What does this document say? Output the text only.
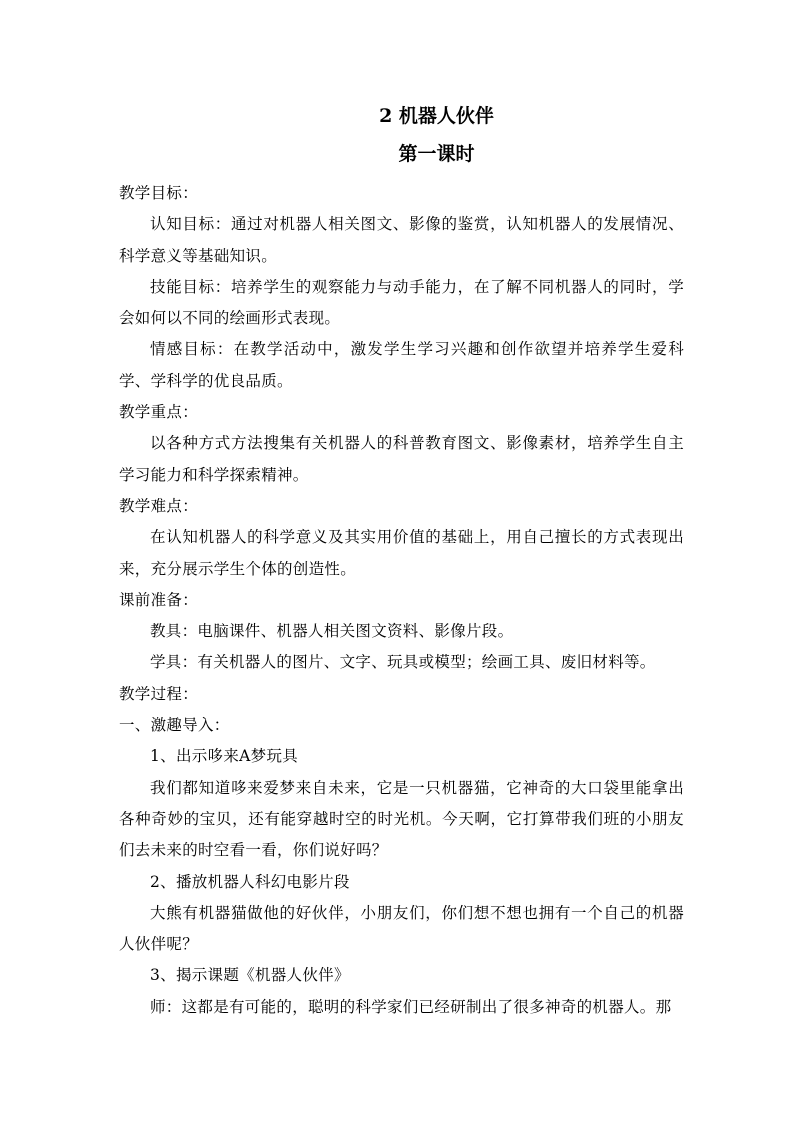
2 机器人伙伴
第一课时

教学目标：

认知目标：通过对机器人相关图文、影像的鉴赏，认知机器人的发展情况、科学意义等基础知识。

技能目标：培养学生的观察能力与动手能力，在了解不同机器人的同时，学会如何以不同的绘画形式表现。

情感目标：在教学活动中，激发学生学习兴趣和创作欲望并培养学生爱科学、学科学的优良品质。

教学重点：

以各种方式方法搜集有关机器人的科普教育图文、影像素材，培养学生自主学习能力和科学探索精神。

教学难点：

在认知机器人的科学意义及其实用价值的基础上，用自己擅长的方式表现出来，充分展示学生个体的创造性。

课前准备：

教具：电脑课件、机器人相关图文资料、影像片段。

学具：有关机器人的图片、文字、玩具或模型；绘画工具、废旧材料等。

教学过程：

一、激趣导入：

1、出示哆来A梦玩具

我们都知道哆来爱梦来自未来，它是一只机器猫，它神奇的大口袋里能拿出各种奇妙的宝贝，还有能穿越时空的时光机。今天啊，它打算带我们班的小朋友们去未来的时空看一看，你们说好吗？

2、播放机器人科幻电影片段

大熊有机器猫做他的好伙伴，小朋友们，你们想不想也拥有一个自己的机器人伙伴呢？

3、揭示课题《机器人伙伴》

师：这都是有可能的，聪明的科学家们已经研制出了很多神奇的机器人。那
